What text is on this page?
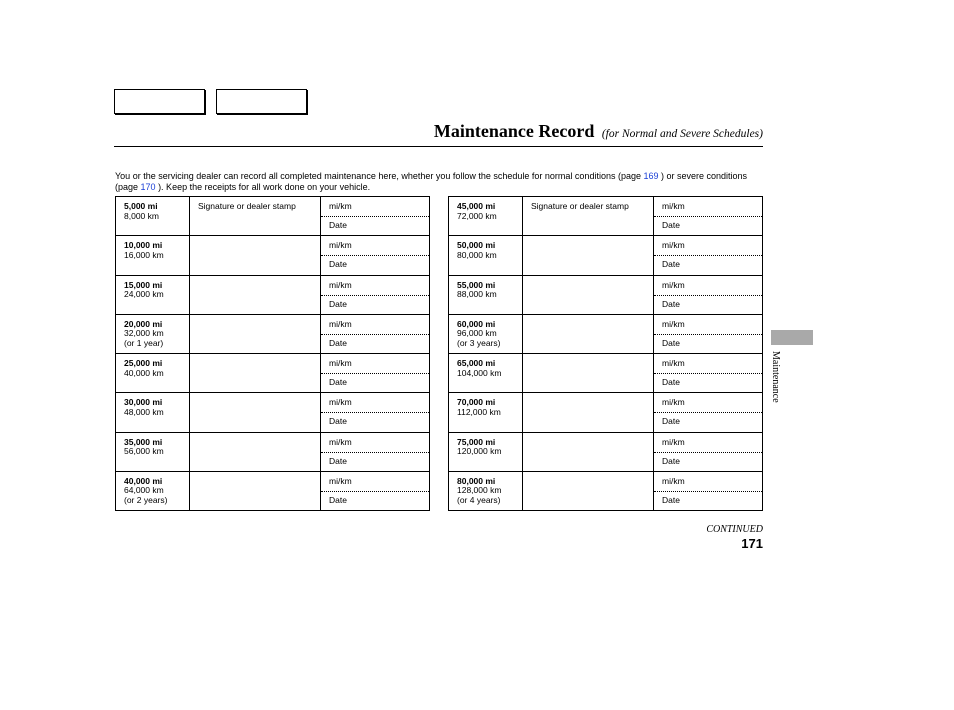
Maintenance Record (for Normal and Severe Schedules)

You or the servicing dealer can record all completed maintenance here, whether you follow the schedule for normal conditions (page 169 ) or severe conditions (page 170 ). Keep the receipts for all work done on your vehicle.

5,000 mi
8,000 km
Signature or dealer stamp	mi/km
Date
10,000 mi
16,000 km
mi/km
Date
15,000 mi
24,000 km
mi/km
Date
20,000 mi
32,000 km
(or 1 year)
mi/km
Date
25,000 mi
40,000 km
mi/km
Date
30,000 mi
48,000 km
mi/km
Date
35,000 mi
56,000 km
mi/km
Date
40,000 mi
64,000 km
(or 2 years)
mi/km
Date
45,000 mi
72,000 km
Signature or dealer stamp	mi/km
Date
50,000 mi
80,000 km
mi/km
Date
55,000 mi
88,000 km
mi/km
Date
60,000 mi
96,000 km
(or 3 years)
mi/km
Date
65,000 mi
104,000 km
mi/km
Date
70,000 mi
112,000 km
mi/km
Date
75,000 mi
120,000 km
mi/km
Date
80,000 mi
128,000 km
(or 4 years)
mi/km
Date
Maintenance
CONTINUED
171
